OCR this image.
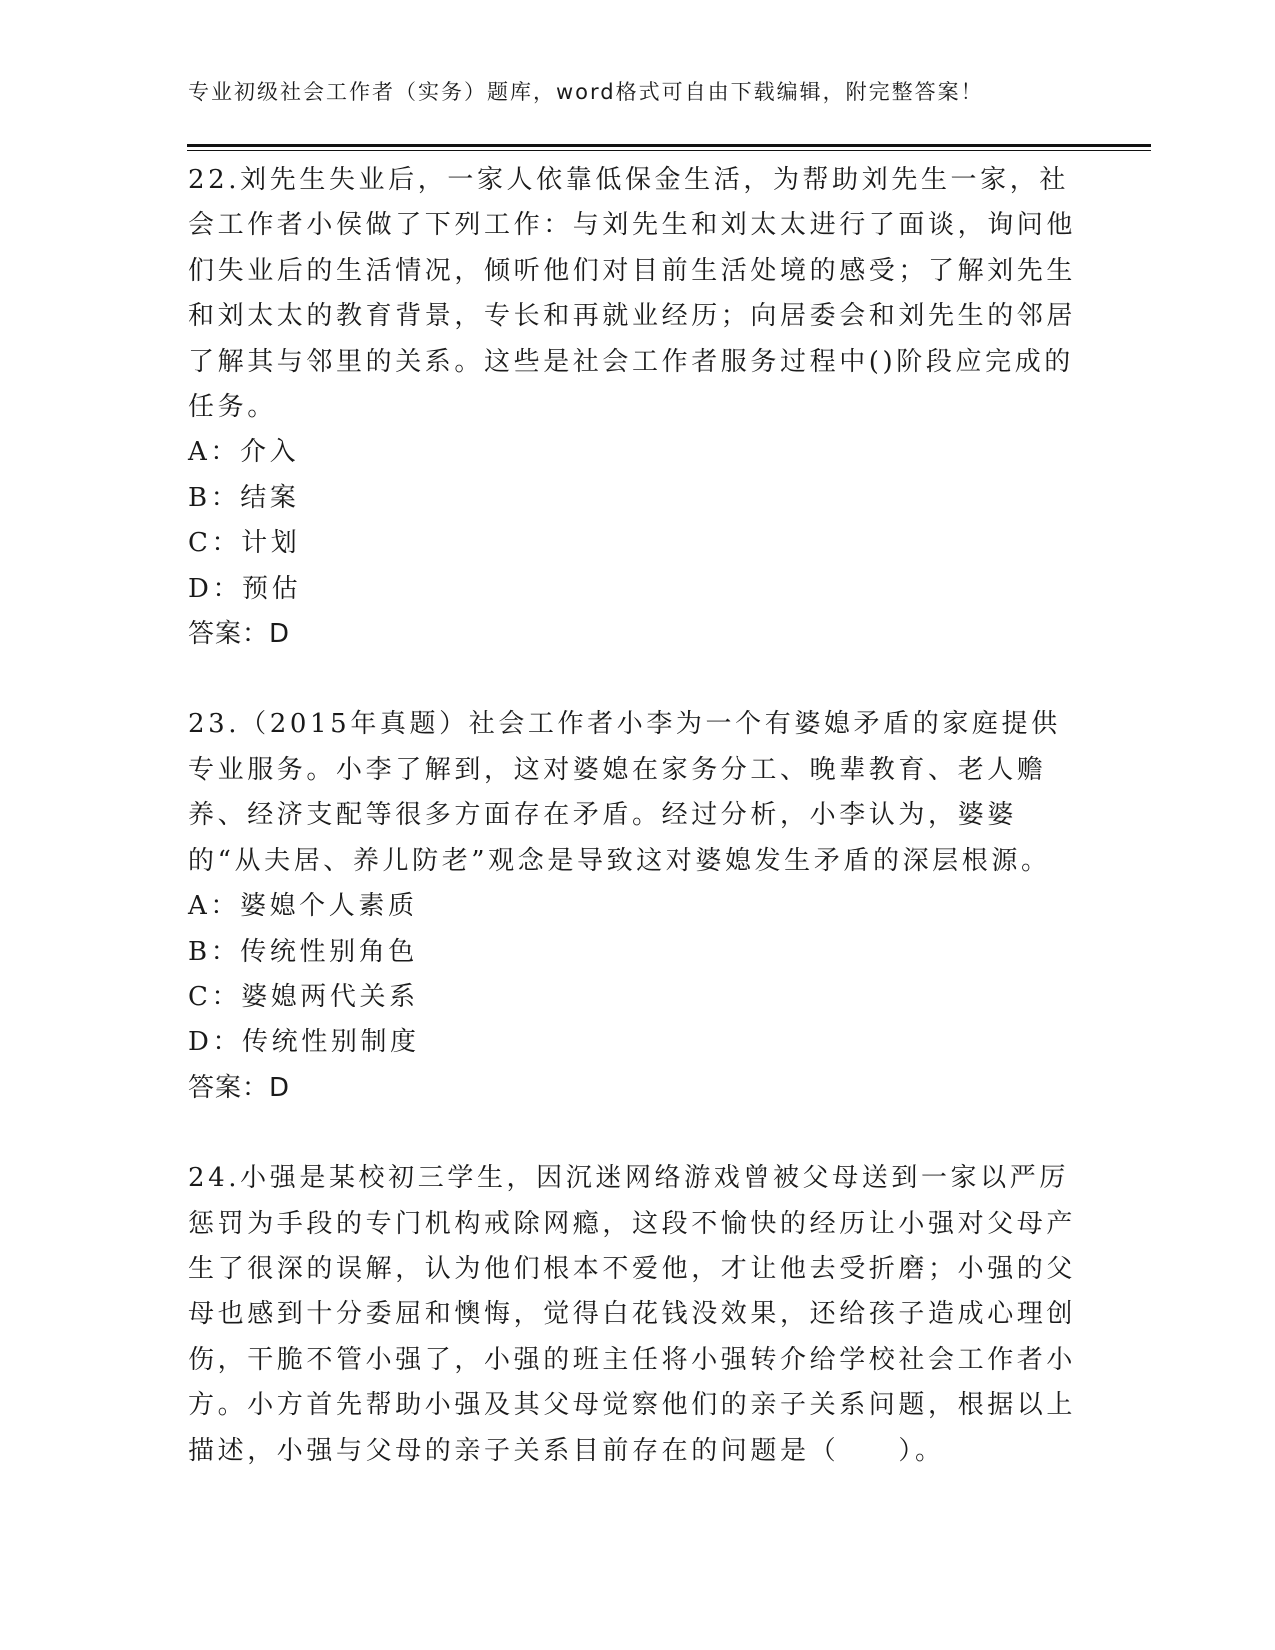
专业初级社会工作者（实务）题库，word格式可自由下载编辑，附完整答案！

22.刘先生失业后，一家人依靠低保金生活，为帮助刘先生一家，社会工作者小侯做了下列工作：与刘先生和刘太太进行了面谈，询问他们失业后的生活情况，倾听他们对目前生活处境的感受；了解刘先生和刘太太的教育背景，专长和再就业经历；向居委会和刘先生的邻居了解其与邻里的关系。这些是社会工作者服务过程中()阶段应完成的任务。

A：介入
B：结案
C：计划
D：预估
答案：D

23.（2015年真题）社会工作者小李为一个有婆媳矛盾的家庭提供专业服务。小李了解到，这对婆媳在家务分工、晚辈教育、老人赡养、经济支配等很多方面存在矛盾。经过分析，小李认为，婆婆的“从夫居、养儿防老”观念是导致这对婆媳发生矛盾的深层根源。

A：婆媳个人素质
B：传统性别角色
C：婆媳两代关系
D：传统性别制度
答案：D

24.小强是某校初三学生，因沉迷网络游戏曾被父母送到一家以严厉惩罚为手段的专门机构戒除网瘾，这段不愉快的经历让小强对父母产生了很深的误解，认为他们根本不爱他，才让他去受折磨；小强的父母也感到十分委屈和懊悔，觉得白花钱没效果，还给孩子造成心理创伤，干脆不管小强了，小强的班主任将小强转介给学校社会工作者小方。小方首先帮助小强及其父母觉察他们的亲子关系问题，根据以上描述，小强与父母的亲子关系目前存在的问题是（　　）。
